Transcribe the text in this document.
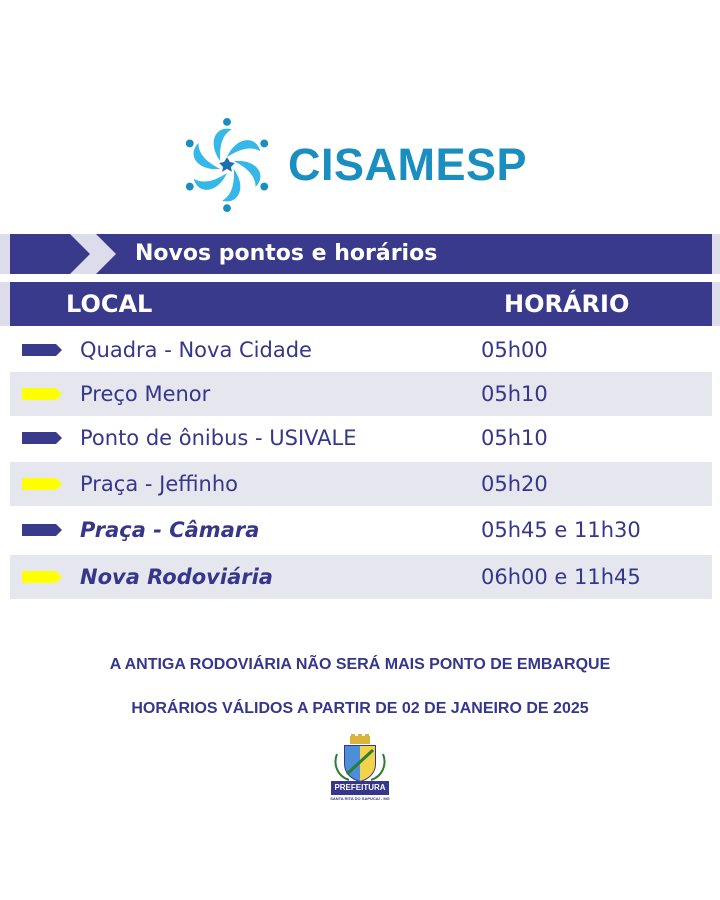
CISAMESP
Novos pontos e horários
LOCAL	HORÁRIO
Quadra - Nova Cidade	05h00
Preço Menor	05h10
Ponto de ônibus - USIVALE	05h10
Praça - Jeffinho	05h20
Praça - Câmara	05h45 e 11h30
Nova Rodoviária	06h00 e 11h45
A ANTIGA RODOVIÁRIA NÃO SERÁ MAIS PONTO DE EMBARQUE
HORÁRIOS VÁLIDOS A PARTIR DE 02 DE JANEIRO DE 2025
PREFEITURA
SANTA RITA DO SAPUCAÍ - MG
